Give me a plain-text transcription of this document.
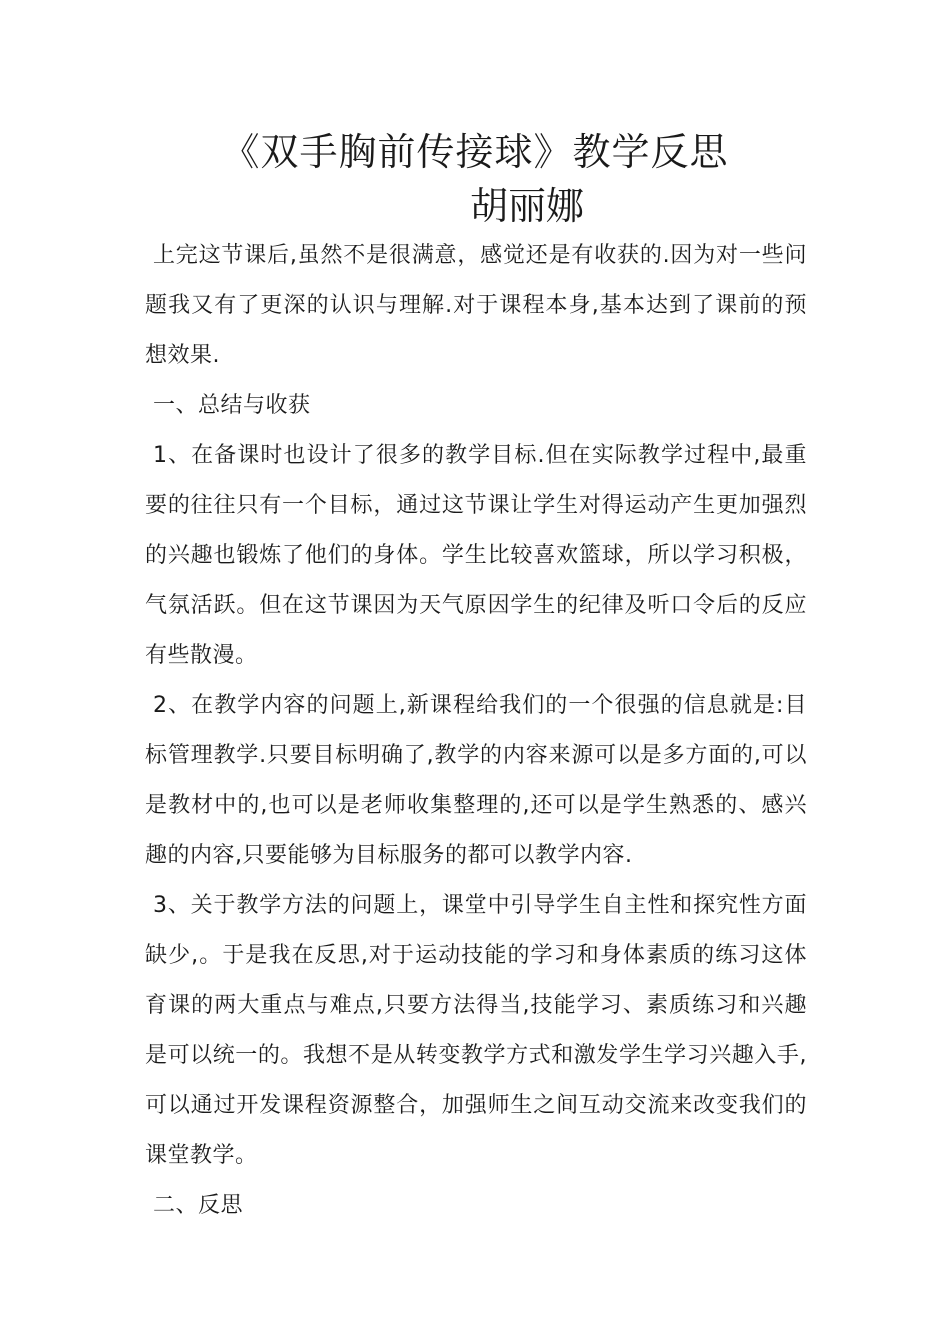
《双手胸前传接球》教学反思
胡丽娜

上完这节课后,虽然不是很满意，感觉还是有收获的.因为对一些问题我又有了更深的认识与理解.对于课程本身,基本达到了课前的预想效果.

一、总结与收获

1、在备课时也设计了很多的教学目标.但在实际教学过程中,最重要的往往只有一个目标，通过这节课让学生对得运动产生更加强烈的兴趣也锻炼了他们的身体。学生比较喜欢篮球，所以学习积极，气氛活跃。但在这节课因为天气原因学生的纪律及听口令后的反应有些散漫。

2、在教学内容的问题上,新课程给我们的一个很强的信息就是:目标管理教学.只要目标明确了,教学的内容来源可以是多方面的,可以是教材中的,也可以是老师收集整理的,还可以是学生熟悉的、感兴趣的内容,只要能够为目标服务的都可以教学内容.

3、关于教学方法的问题上，课堂中引导学生自主性和探究性方面缺少,。于是我在反思,对于运动技能的学习和身体素质的练习这体育课的两大重点与难点,只要方法得当,技能学习、素质练习和兴趣是可以统一的。我想不是从转变教学方式和激发学生学习兴趣入手,可以通过开发课程资源整合，加强师生之间互动交流来改变我们的课堂教学。

二、反思
